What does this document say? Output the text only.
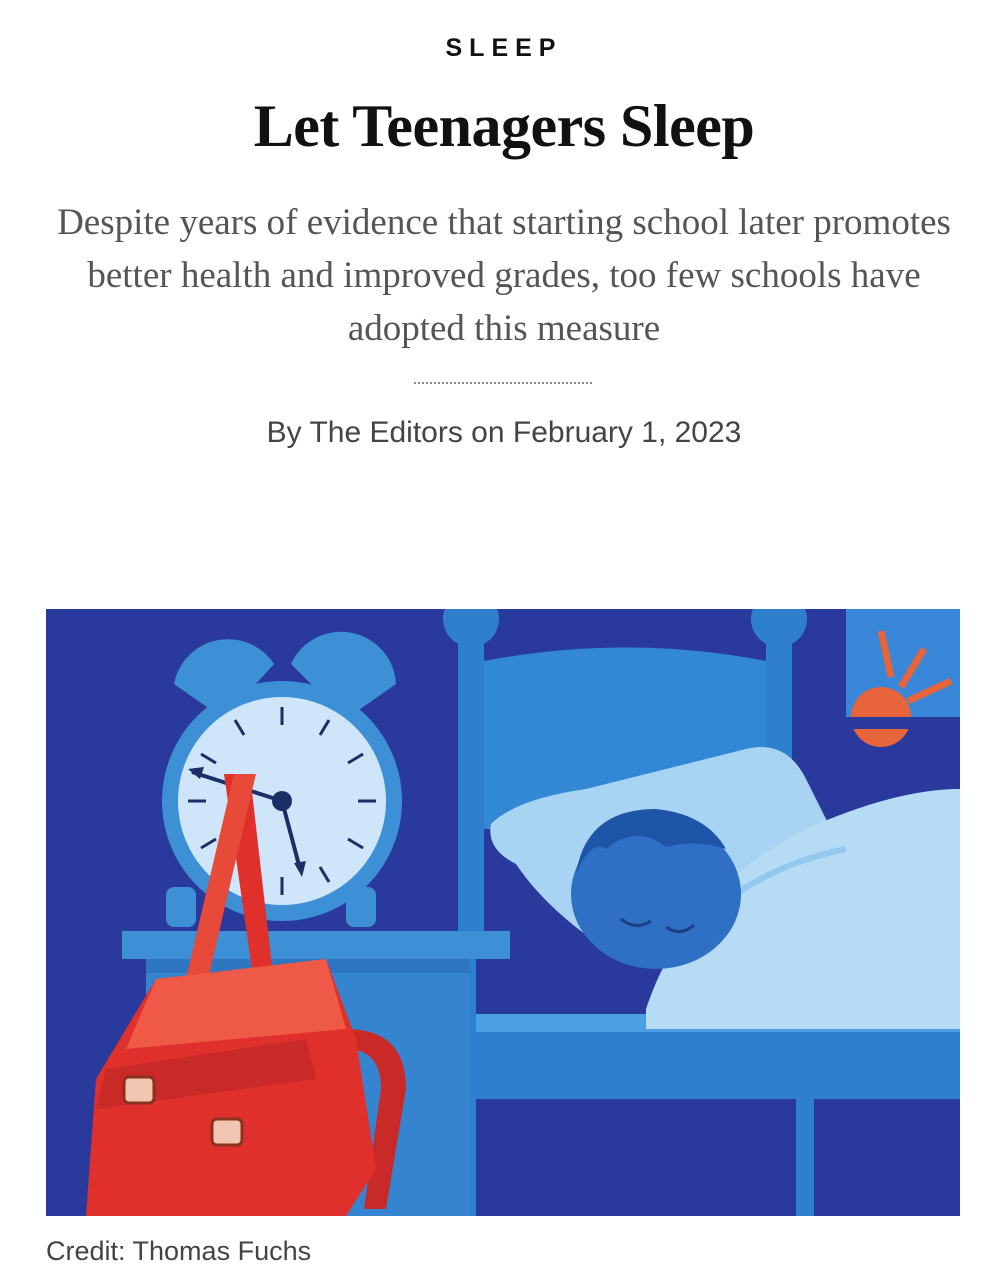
SLEEP
Let Teenagers Sleep

Despite years of evidence that starting school later promotes better health and improved grades, too few schools have adopted this measure

By The Editors on February 1, 2023
Credit: Thomas Fuchs
